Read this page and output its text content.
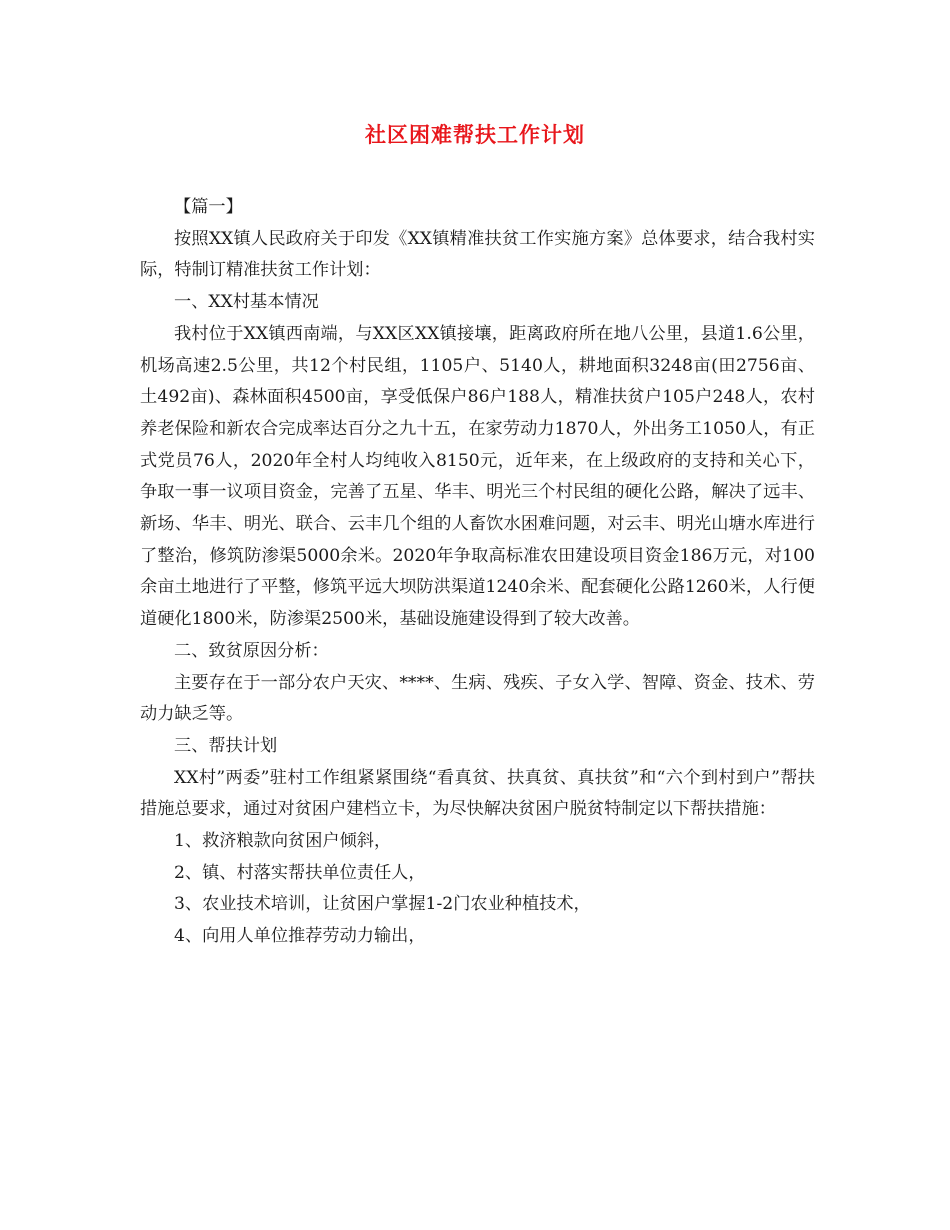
社区困难帮扶工作计划

【篇一】

按照XX镇人民政府关于印发《XX镇精准扶贫工作实施方案》总体要求，结合我村实际，特制订精准扶贫工作计划：

一、XX村基本情况

我村位于XX镇西南端，与XX区XX镇接壤，距离政府所在地八公里，县道1.6公里，机场高速2.5公里，共12个村民组，1105户、5140人，耕地面积3248亩(田2756亩、土492亩)、森林面积4500亩，享受低保户86户188人，精准扶贫户105户248人，农村养老保险和新农合完成率达百分之九十五，在家劳动力1870人，外出务工1050人，有正式党员76人，2020年全村人均纯收入8150元，近年来，在上级政府的支持和关心下，争取一事一议项目资金，完善了五星、华丰、明光三个村民组的硬化公路，解决了远丰、新场、华丰、明光、联合、云丰几个组的人畜饮水困难问题，对云丰、明光山塘水库进行了整治，修筑防渗渠5000余米。2020年争取高标准农田建设项目资金186万元，对100余亩土地进行了平整，修筑平远大坝防洪渠道1240余米、配套硬化公路1260米，人行便道硬化1800米，防渗渠2500米，基础设施建设得到了较大改善。

二、致贫原因分析：

主要存在于一部分农户天灾、****、生病、残疾、子女入学、智障、资金、技术、劳动力缺乏等。

三、帮扶计划

XX村”两委”驻村工作组紧紧围绕“看真贫、扶真贫、真扶贫”和“六个到村到户”帮扶措施总要求，通过对贫困户建档立卡，为尽快解决贫困户脱贫特制定以下帮扶措施：

1、救济粮款向贫困户倾斜，

2、镇、村落实帮扶单位责任人，

3、农业技术培训，让贫困户掌握1-2门农业种植技术，

4、向用人单位推荐劳动力输出，
